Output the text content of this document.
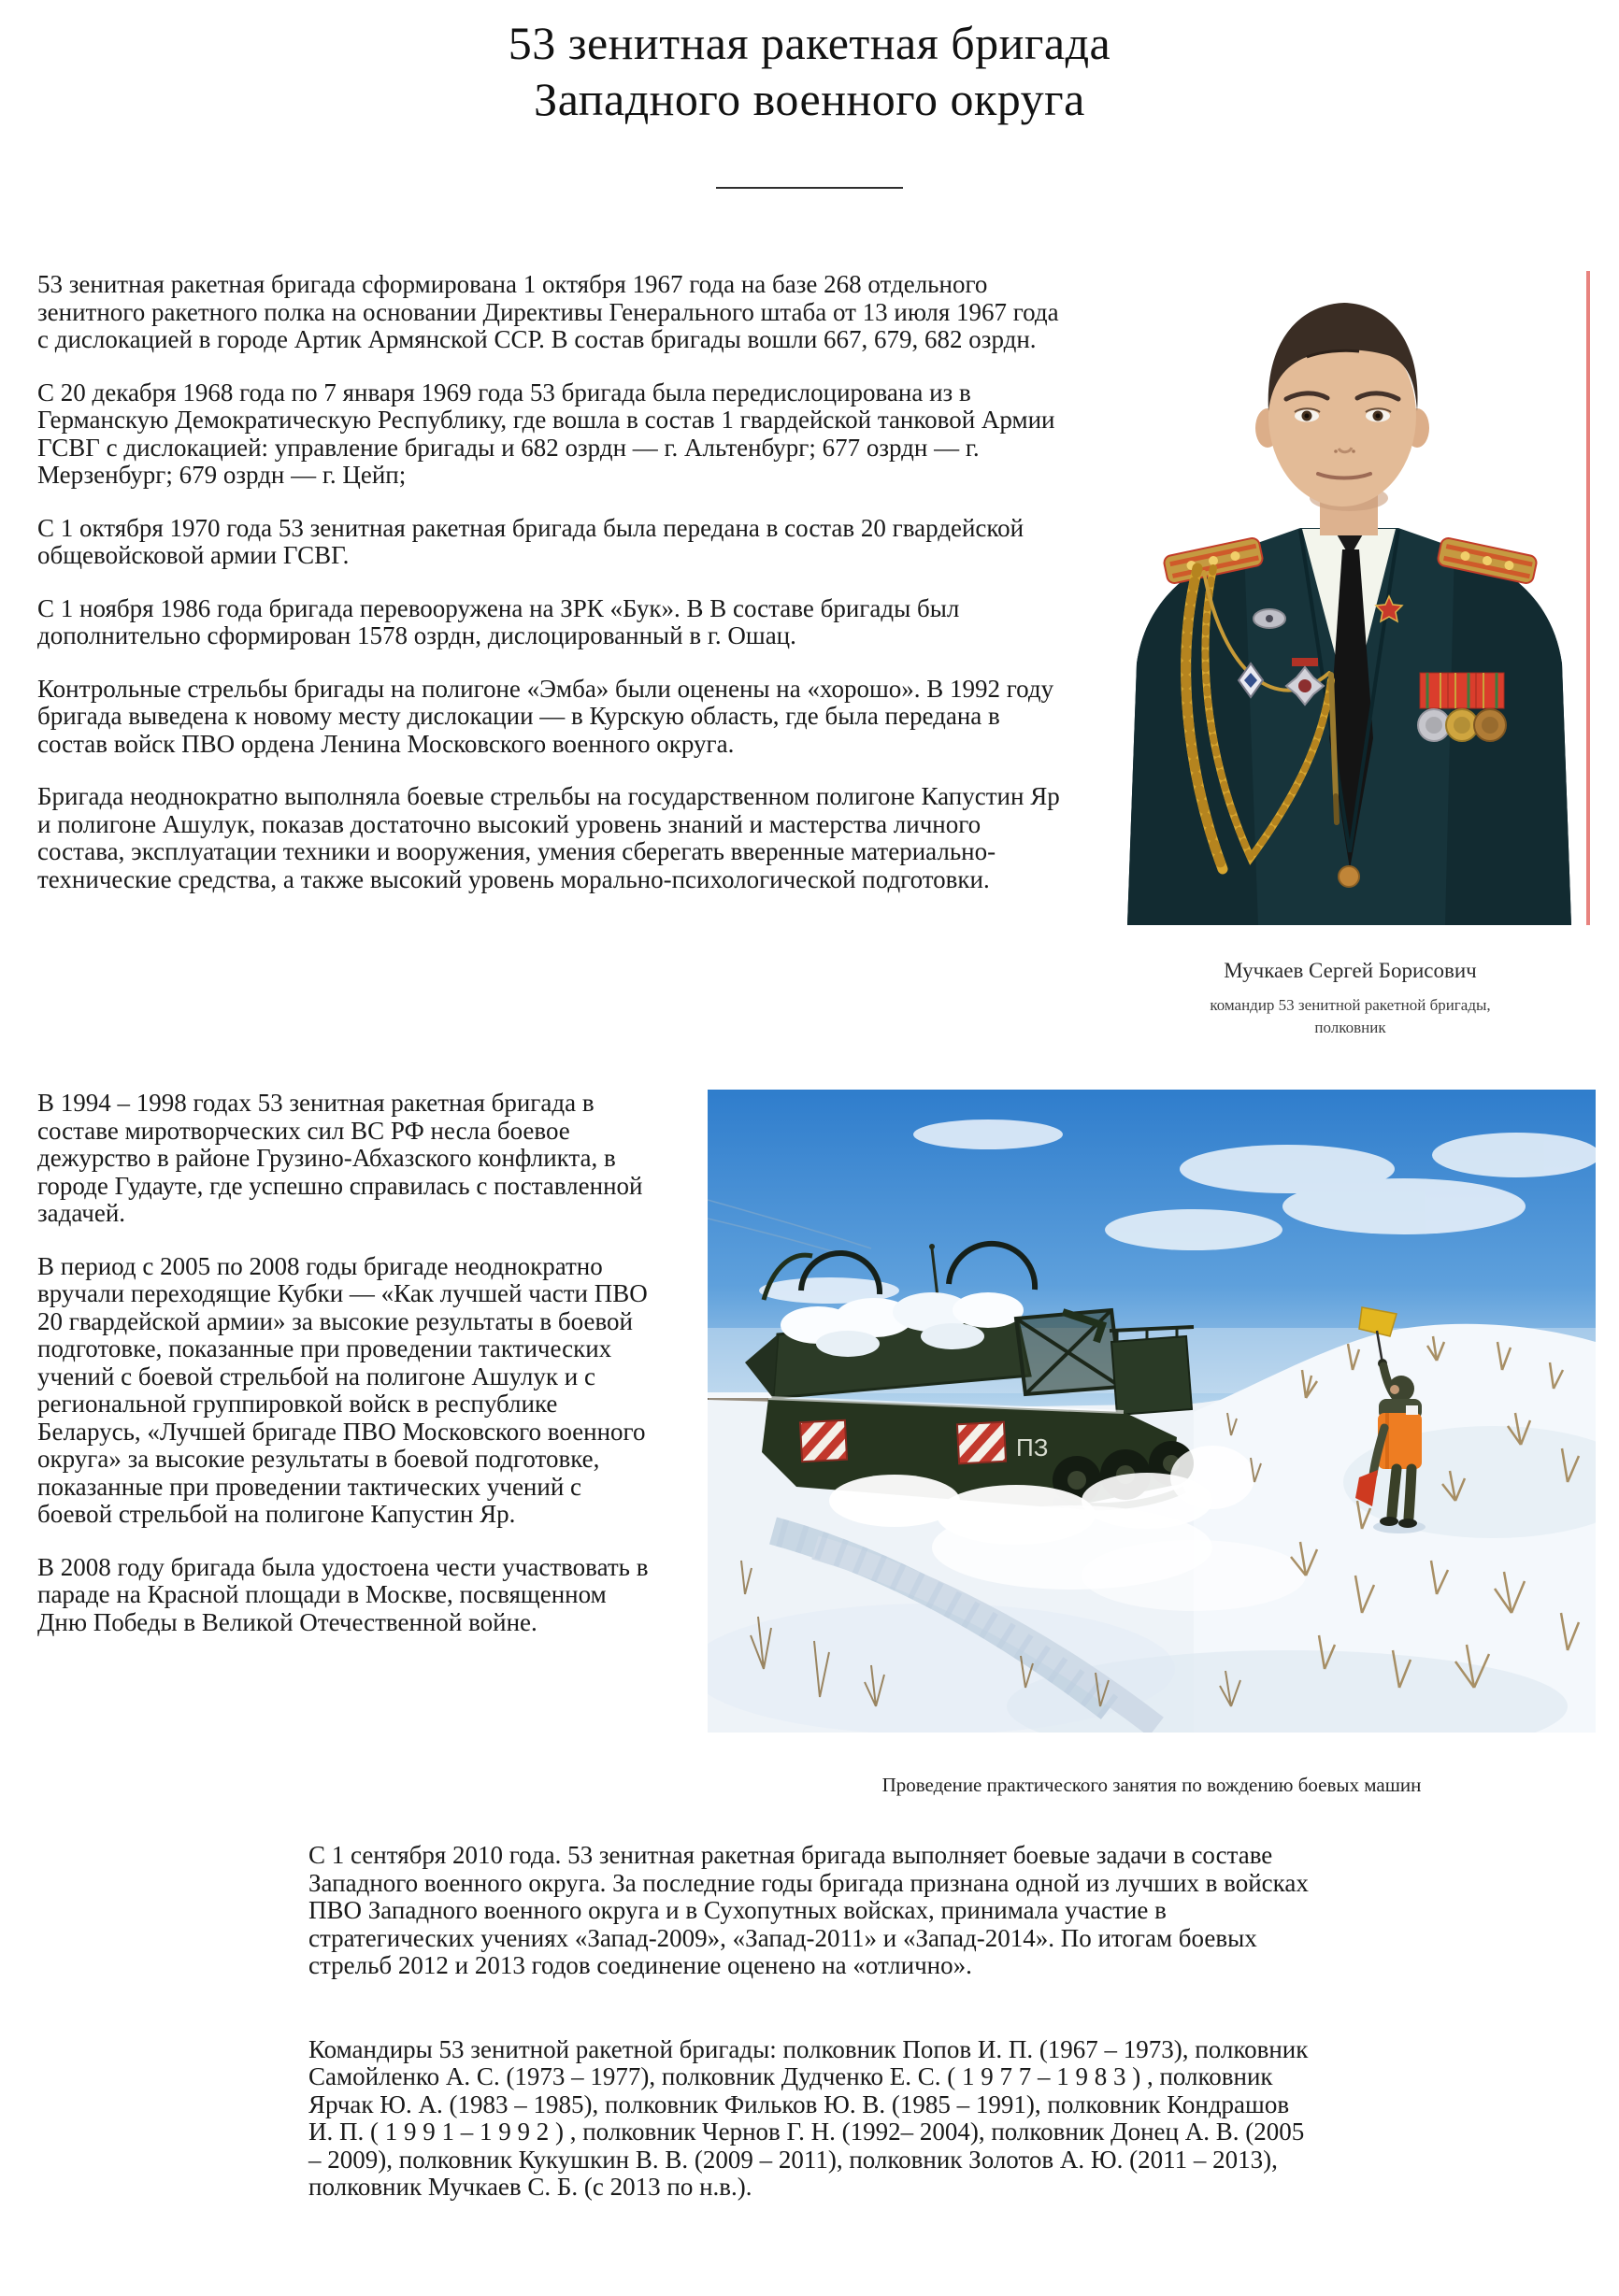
53 зенитная ракетная бригада
Западного военного округа

53 зенитная ракетная бригада сформирована 1 октября 1967 года на базе 268 отдельного зенитного ракетного полка на основании Директивы Генерального штаба от 13 июля 1967 года с дислокацией в городе Артик Армянской ССР. В состав бригады вошли 667, 679, 682 озрдн.

С 20 декабря 1968 года по 7 января 1969 года 53 бригада была передислоцирована из в Германскую Демократическую Республику, где вошла в состав 1 гвардейской танковой Армии ГСВГ с дислокацией: управление бригады и 682 озрдн — г. Альтенбург; 677 озрдн — г. Мерзенбург; 679 озрдн — г. Цейп;

С 1 октября 1970 года 53 зенитная ракетная бригада была передана в состав 20 гвардейской общевойсковой армии ГСВГ.

С 1 ноября 1986 года бригада перевооружена на ЗРК «Бук». В В составе бригады был дополнительно сформирован 1578 озрдн, дислоцированный в г. Ошац.

Контрольные стрельбы бригады на полигоне «Эмба» были оценены на «хорошо». В 1992 году бригада выведена к новому месту дислокации — в Курскую область, где была передана в состав войск ПВО ордена Ленина Московского военного округа.

Бригада неоднократно выполняла боевые стрельбы на государственном полигоне Капустин Яр и полигоне Ашулук, показав достаточно высокий уровень знаний и мастерства личного состава, эксплуатации техники и вооружения, умения сберегать вверенные материально-технические средства, а также высокий уровень морально-психологической подготовки.

Мучкаев Сергей Борисович
командир 53 зенитной ракетной бригады,
полковник

В 1994 – 1998 годах 53 зенитная ракетная бригада в составе миротворческих сил ВС РФ несла боевое дежурство в районе Грузино-Абхазского конфликта, в городе Гудауте, где успешно справилась с поставленной задачей.

В период с 2005 по 2008 годы бригаде неоднократно вручали переходящие Кубки — «Как лучшей части ПВО 20 гвардейской армии» за высокие результаты в боевой подготовке, показанные при проведении тактических учений с боевой стрельбой на полигоне Ашулук и с региональной группировкой войск в республике Беларусь, «Лучшей бригаде ПВО Московского военного округа» за высокие результаты в боевой подготовке, показанные при проведении тактических учений с боевой стрельбой на полигоне Капустин Яр.

В 2008 году бригада была удостоена чести участвовать в параде на Красной площади в Москве, посвященном Дню Победы в Великой Отечественной войне.

ПЗ
Проведение практического занятия по вождению боевых машин

С 1 сентября 2010 года. 53 зенитная ракетная бригада выполняет боевые задачи в составе Западного военного округа. За последние годы бригада признана одной из лучших в войсках ПВО Западного военного округа и в Сухопутных войсках, принимала участие в стратегических учениях «Запад-2009», «Запад-2011» и «Запад-2014». По итогам боевых стрельб 2012 и 2013 годов соединение оценено на «отлично».

Командиры 53 зенитной ракетной бригады: полковник Попов И. П. (1967 – 1973), полковник Самойленко А. С. (1973 – 1977), полковник Дудченко Е. С. ( 1 9 7 7 – 1 9 8 3 ) , полковник Ярчак Ю. А. (1983 – 1985), полковник Фильков Ю. В. (1985 – 1991), полковник Кондрашов И. П. ( 1 9 9 1 – 1 9 9 2 ) , полковник Чернов Г. Н. (1992– 2004), полковник Донец А. В. (2005 – 2009), полковник Кукушкин В. В. (2009 – 2011), полковник Золотов А. Ю. (2011 – 2013), полковник Мучкаев С. Б. (с 2013 по н.в.).
